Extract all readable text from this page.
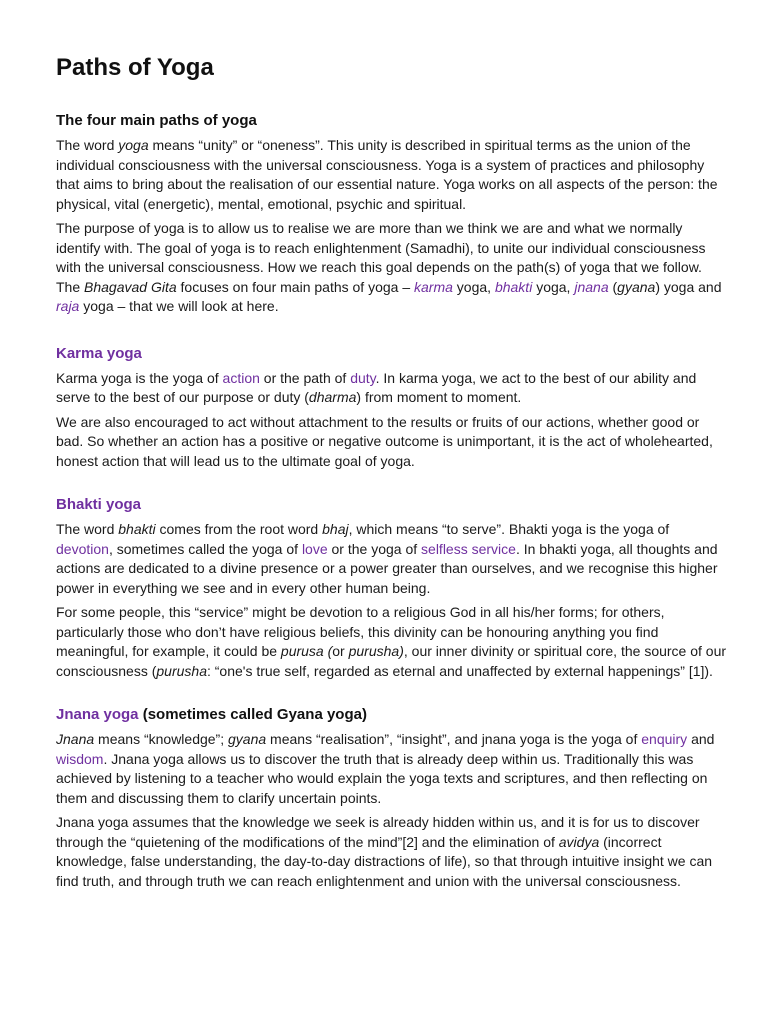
Paths of Yoga
The four main paths of yoga

The word yoga means “unity” or “oneness”. This unity is described in spiritual terms as the union of the individual consciousness with the universal consciousness. Yoga is a system of practices and philosophy that aims to bring about the realisation of our essential nature. Yoga works on all aspects of the person: the physical, vital (energetic), mental, emotional, psychic and spiritual.

The purpose of yoga is to allow us to realise we are more than we think we are and what we normally identify with. The goal of yoga is to reach enlightenment (Samadhi), to unite our individual consciousness with the universal consciousness. How we reach this goal depends on the path(s) of yoga that we follow. The Bhagavad Gita focuses on four main paths of yoga – karma yoga, bhakti yoga, jnana (gyana) yoga and raja yoga – that we will look at here.

Karma yoga

Karma yoga is the yoga of action or the path of duty. In karma yoga, we act to the best of our ability and serve to the best of our purpose or duty (dharma) from moment to moment.

We are also encouraged to act without attachment to the results or fruits of our actions, whether good or bad. So whether an action has a positive or negative outcome is unimportant, it is the act of wholehearted, honest action that will lead us to the ultimate goal of yoga.

Bhakti yoga

The word bhakti comes from the root word bhaj, which means “to serve”. Bhakti yoga is the yoga of devotion, sometimes called the yoga of love or the yoga of selfless service. In bhakti yoga, all thoughts and actions are dedicated to a divine presence or a power greater than ourselves, and we recognise this higher power in everything we see and in every other human being.

For some people, this “service” might be devotion to a religious God in all his/her forms; for others, particularly those who don’t have religious beliefs, this divinity can be honouring anything you find meaningful, for example, it could be purusa (or purusha), our inner divinity or spiritual core, the source of our consciousness (purusha: “one's true self, regarded as eternal and unaffected by external happenings” [1]).

Jnana yoga (sometimes called Gyana yoga)

Jnana means “knowledge”; gyana means “realisation”, “insight”, and jnana yoga is the yoga of enquiry and wisdom. Jnana yoga allows us to discover the truth that is already deep within us. Traditionally this was achieved by listening to a teacher who would explain the yoga texts and scriptures, and then reflecting on them and discussing them to clarify uncertain points.

Jnana yoga assumes that the knowledge we seek is already hidden within us, and it is for us to discover through the “quietening of the modifications of the mind”[2] and the elimination of avidya (incorrect knowledge, false understanding, the day-to-day distractions of life), so that through intuitive insight we can find truth, and through truth we can reach enlightenment and union with the universal consciousness.
